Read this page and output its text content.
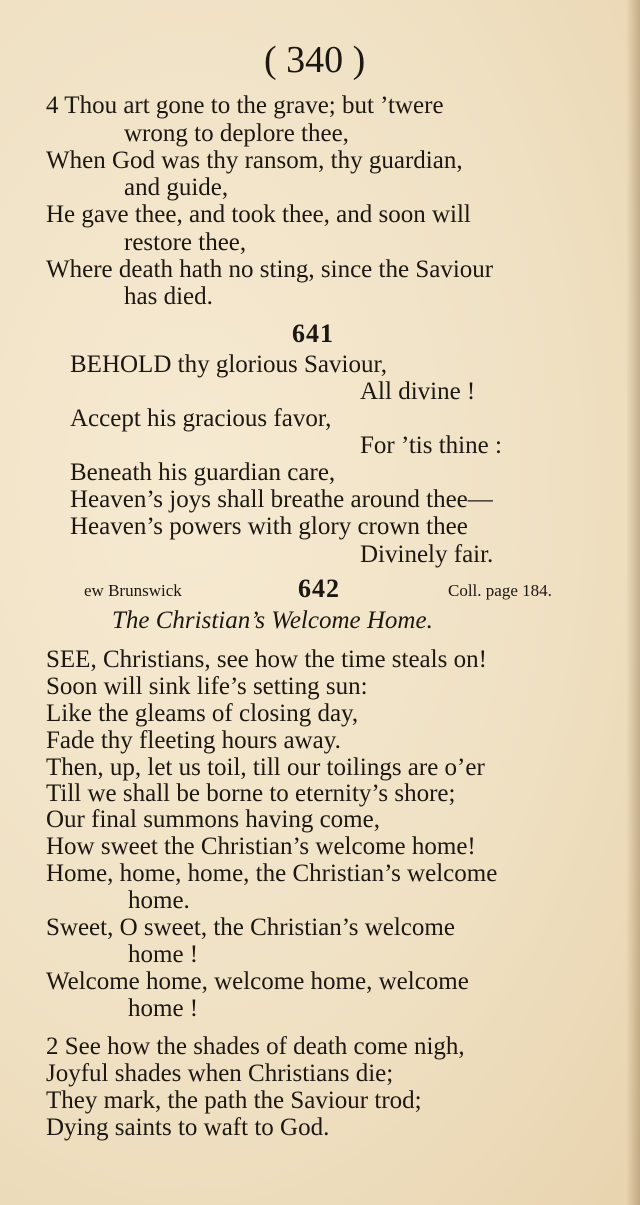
( 340 )
4 Thou art gone to the grave; but ’twere
wrong to deplore thee,
When God was thy ransom, thy guardian,
and guide,
He gave thee, and took thee, and soon will
restore thee,
Where death hath no sting, since the Saviour
has died.
641
BEHOLD thy glorious Saviour,
All divine !
Accept his gracious favor,
For ’tis thine :
Beneath his guardian care,
Heaven’s joys shall breathe around thee—
Heaven’s powers with glory crown thee
Divinely fair.
ew Brunswick	642	Coll. page 184.
The Christian’s Welcome Home.
SEE, Christians, see how the time steals on!
Soon will sink life’s setting sun:
Like the gleams of closing day,
Fade thy fleeting hours away.
Then, up, let us toil, till our toilings are o’er
Till we shall be borne to eternity’s shore;
Our final summons having come,
How sweet the Christian’s welcome home!
Home, home, home, the Christian’s welcome
home.
Sweet, O sweet, the Christian’s welcome
home !
Welcome home, welcome home, welcome
home !
2 See how the shades of death come nigh,
Joyful shades when Christians die;
They mark, the path the Saviour trod;
Dying saints to waft to God.
